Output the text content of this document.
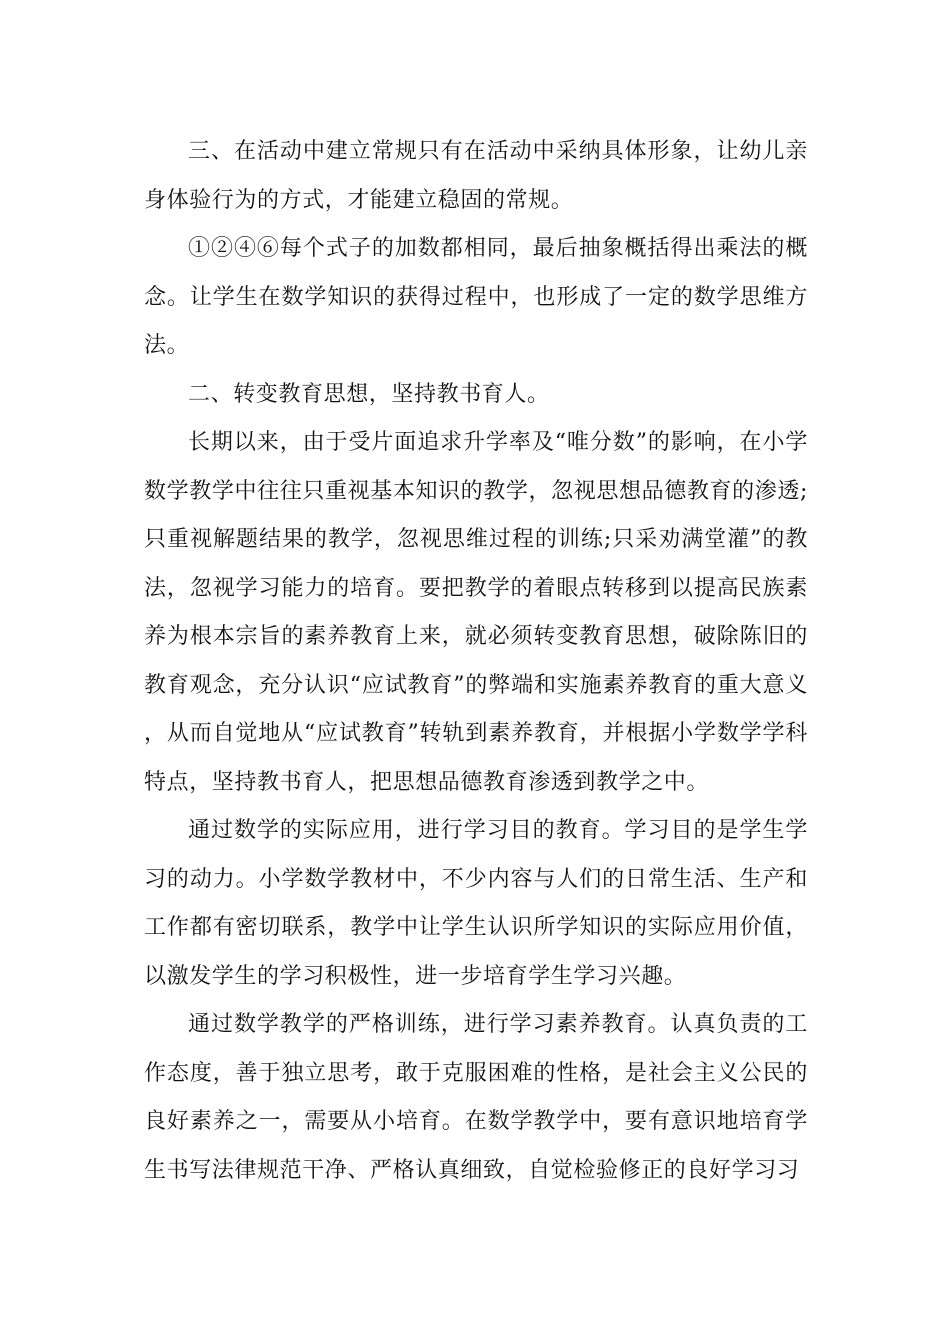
三、在活动中建立常规只有在活动中采纳具体形象，让幼儿亲身体验行为的方式，才能建立稳固的常规。

①②④⑥每个式子的加数都相同，最后抽象概括得出乘法的概念。让学生在数学知识的获得过程中，也形成了一定的数学思维方法。

二、转变教育思想，坚持教书育人。

长期以来，由于受片面追求升学率及“唯分数”的影响，在小学数学教学中往往只重视基本知识的教学，忽视思想品德教育的渗透;只重视解题结果的教学，忽视思维过程的训练;只采劝满堂灌”的教法，忽视学习能力的培育。要把教学的着眼点转移到以提高民族素养为根本宗旨的素养教育上来，就必须转变教育思想，破除陈旧的教育观念，充分认识“应试教育”的弊端和实施素养教育的重大意义，从而自觉地从“应试教育”转轨到素养教育，并根据小学数学学科特点，坚持教书育人，把思想品德教育渗透到教学之中。

通过数学的实际应用，进行学习目的教育。学习目的是学生学习的动力。小学数学教材中，不少内容与人们的日常生活、生产和工作都有密切联系，教学中让学生认识所学知识的实际应用价值，以激发学生的学习积极性，进一步培育学生学习兴趣。

通过数学教学的严格训练，进行学习素养教育。认真负责的工作态度，善于独立思考，敢于克服困难的性格，是社会主义公民的良好素养之一，需要从小培育。在数学教学中，要有意识地培育学生书写法律规范干净、严格认真细致，自觉检验修正的良好学习习
